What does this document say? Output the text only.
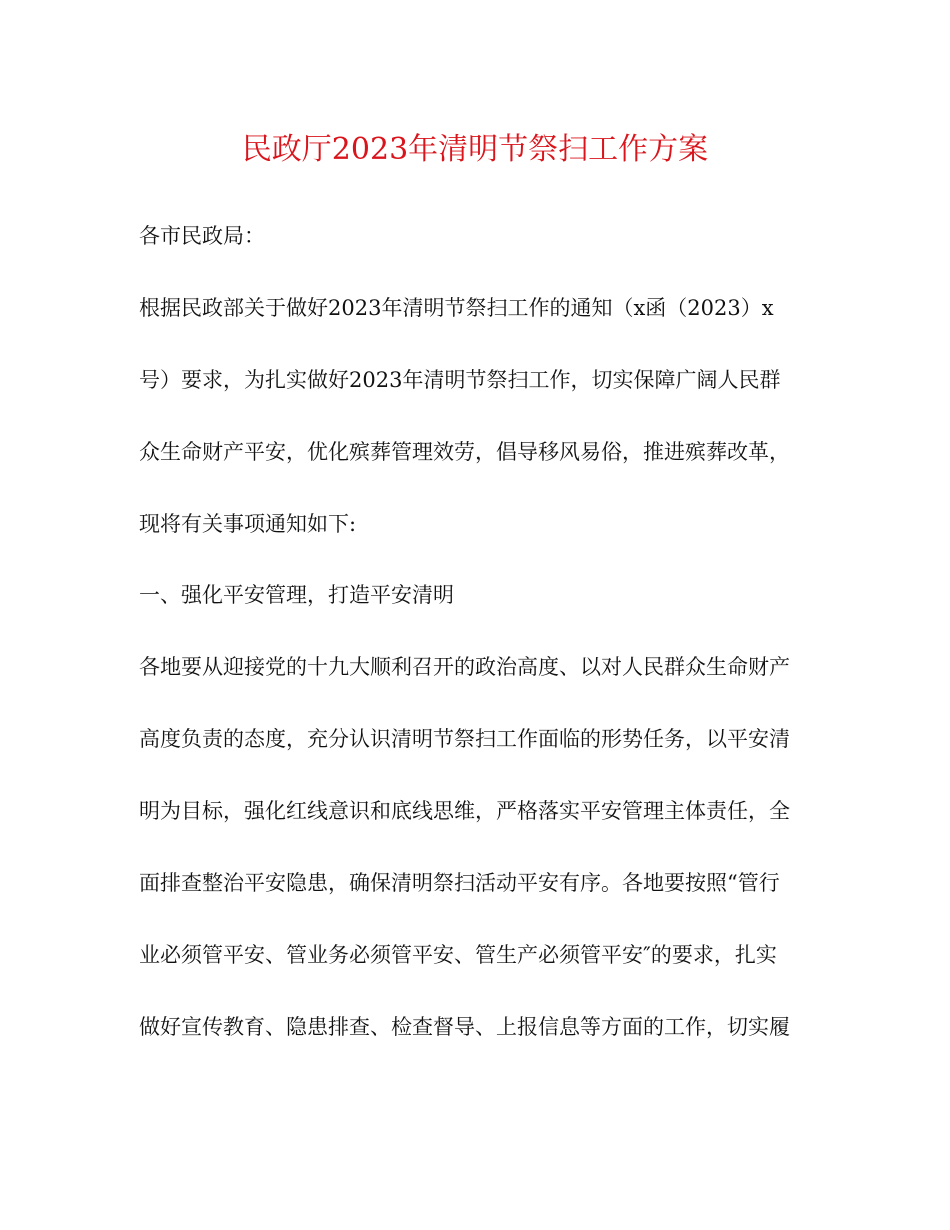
民政厅2023年清明节祭扫工作方案
各市民政局：
根据民政部关于做好2023年清明节祭扫工作的通知（x函（2023）x
号）要求，为扎实做好2023年清明节祭扫工作，切实保障广阔人民群
众生命财产平安，优化殡葬管理效劳，倡导移风易俗，推进殡葬改革，
现将有关事项通知如下:
一、强化平安管理，打造平安清明
各地要从迎接党的十九大顺利召开的政治高度、以对人民群众生命财产
高度负责的态度，充分认识清明节祭扫工作面临的形势任务，以平安清
明为目标，强化红线意识和底线思维，严格落实平安管理主体责任，全
面排查整治平安隐患，确保清明祭扫活动平安有序。各地要按照“管行
业必须管平安、管业务必须管平安、管生产必须管平安″的要求，扎实
做好宣传教育、隐患排查、检查督导、上报信息等方面的工作，切实履
